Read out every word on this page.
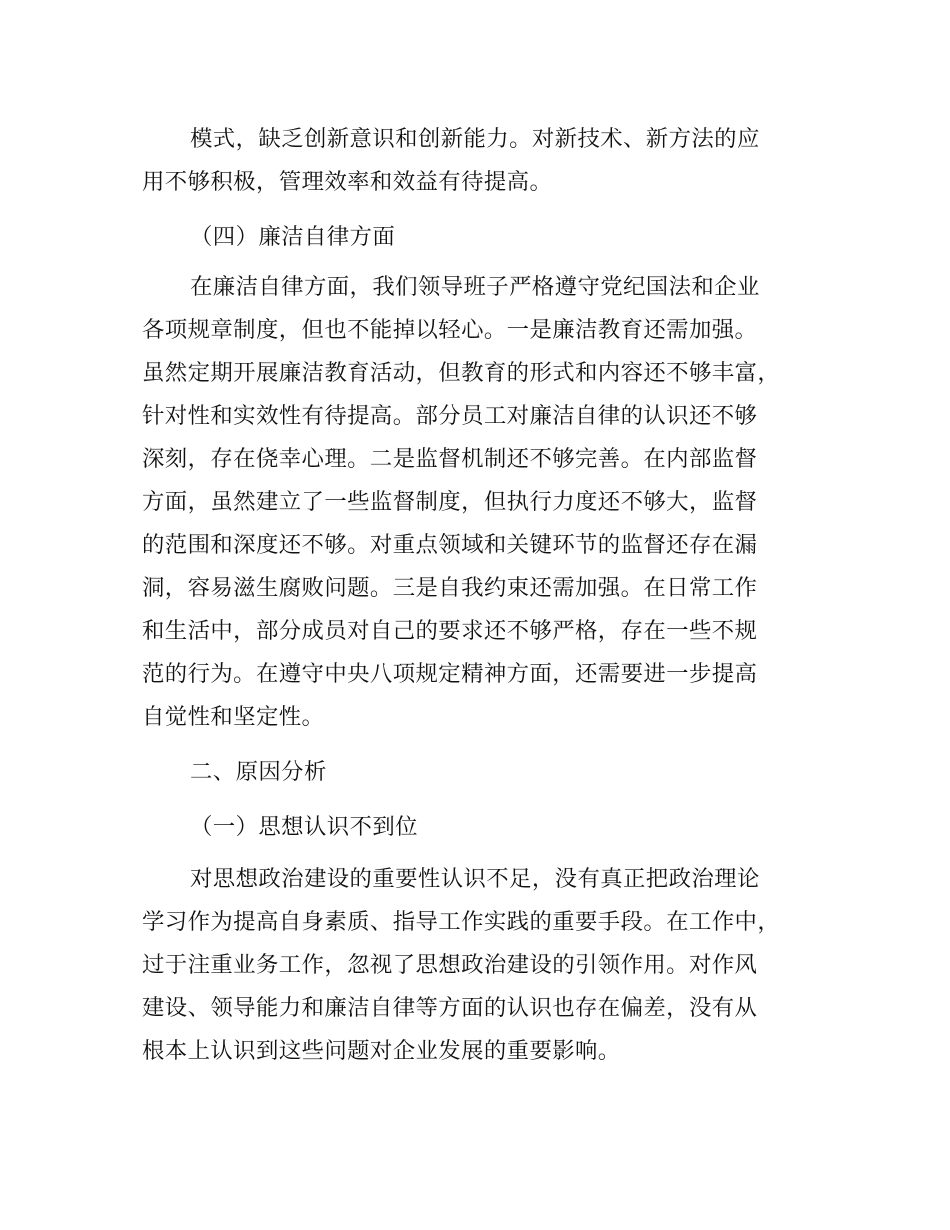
模式，缺乏创新意识和创新能力。对新技术、新方法的应
用不够积极，管理效率和效益有待提高。
（四）廉洁自律方面
在廉洁自律方面，我们领导班子严格遵守党纪国法和企业
各项规章制度，但也不能掉以轻心。一是廉洁教育还需加强。
虽然定期开展廉洁教育活动，但教育的形式和内容还不够丰富，
针对性和实效性有待提高。部分员工对廉洁自律的认识还不够
深刻，存在侥幸心理。二是监督机制还不够完善。在内部监督
方面，虽然建立了一些监督制度，但执行力度还不够大，监督
的范围和深度还不够。对重点领域和关键环节的监督还存在漏
洞，容易滋生腐败问题。三是自我约束还需加强。在日常工作
和生活中，部分成员对自己的要求还不够严格，存在一些不规
范的行为。在遵守中央八项规定精神方面，还需要进一步提高
自觉性和坚定性。
二、原因分析
（一）思想认识不到位
对思想政治建设的重要性认识不足，没有真正把政治理论
学习作为提高自身素质、指导工作实践的重要手段。在工作中，
过于注重业务工作，忽视了思想政治建设的引领作用。对作风
建设、领导能力和廉洁自律等方面的认识也存在偏差，没有从
根本上认识到这些问题对企业发展的重要影响。
